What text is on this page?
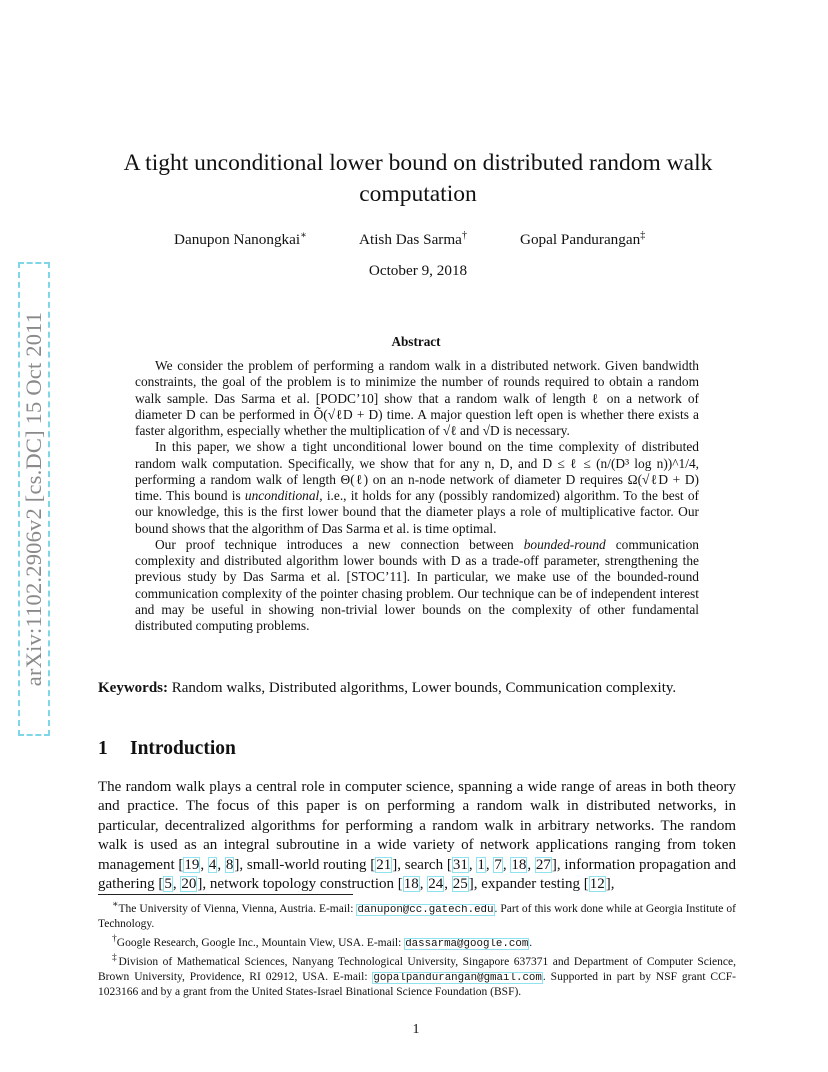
arXiv:1102.2906v2 [cs.DC] 15 Oct 2011
A tight unconditional lower bound on distributed random walk computation
Danupon Nanongkai∗	Atish Das Sarma†	Gopal Pandurangan‡
October 9, 2018
Abstract

We consider the problem of performing a random walk in a distributed network. Given bandwidth constraints, the goal of the problem is to minimize the number of rounds required to obtain a random walk sample. Das Sarma et al. [PODC’10] show that a random walk of length ℓ on a network of diameter D can be performed in Õ(√ℓD + D) time. A major question left open is whether there exists a faster algorithm, especially whether the multiplication of √ℓ and √D is necessary.

In this paper, we show a tight unconditional lower bound on the time complexity of distributed random walk computation. Specifically, we show that for any n, D, and D ≤ ℓ ≤ (n/(D³ log n))^1/4, performing a random walk of length Θ(ℓ) on an n-node network of diameter D requires Ω(√ℓD + D) time. This bound is unconditional, i.e., it holds for any (possibly randomized) algorithm. To the best of our knowledge, this is the first lower bound that the diameter plays a role of multiplicative factor. Our bound shows that the algorithm of Das Sarma et al. is time optimal.

Our proof technique introduces a new connection between bounded-round communication complexity and distributed algorithm lower bounds with D as a trade-off parameter, strengthening the previous study by Das Sarma et al. [STOC’11]. In particular, we make use of the bounded-round communication complexity of the pointer chasing problem. Our technique can be of independent interest and may be useful in showing non-trivial lower bounds on the complexity of other fundamental distributed computing problems.

Keywords: Random walks, Distributed algorithms, Lower bounds, Communication complexity.
1 Introduction

The random walk plays a central role in computer science, spanning a wide range of areas in both theory and practice. The focus of this paper is on performing a random walk in distributed networks, in particular, decentralized algorithms for performing a random walk in arbitrary networks. The random walk is used as an integral subroutine in a wide variety of network applications ranging from token management [19, 4, 8], small-world routing [21], search [31, 1, 7, 18, 27], information propagation and gathering [5, 20], network topology construction [18, 24, 25], expander testing [12],

∗The University of Vienna, Vienna, Austria. E-mail: danupon@cc.gatech.edu. Part of this work done while at Georgia Institute of Technology.

†Google Research, Google Inc., Mountain View, USA. E-mail: dassarma@google.com.

‡Division of Mathematical Sciences, Nanyang Technological University, Singapore 637371 and Department of Computer Science, Brown University, Providence, RI 02912, USA. E-mail: gopalpandurangan@gmail.com. Supported in part by NSF grant CCF-1023166 and by a grant from the United States-Israel Binational Science Foundation (BSF).

1
